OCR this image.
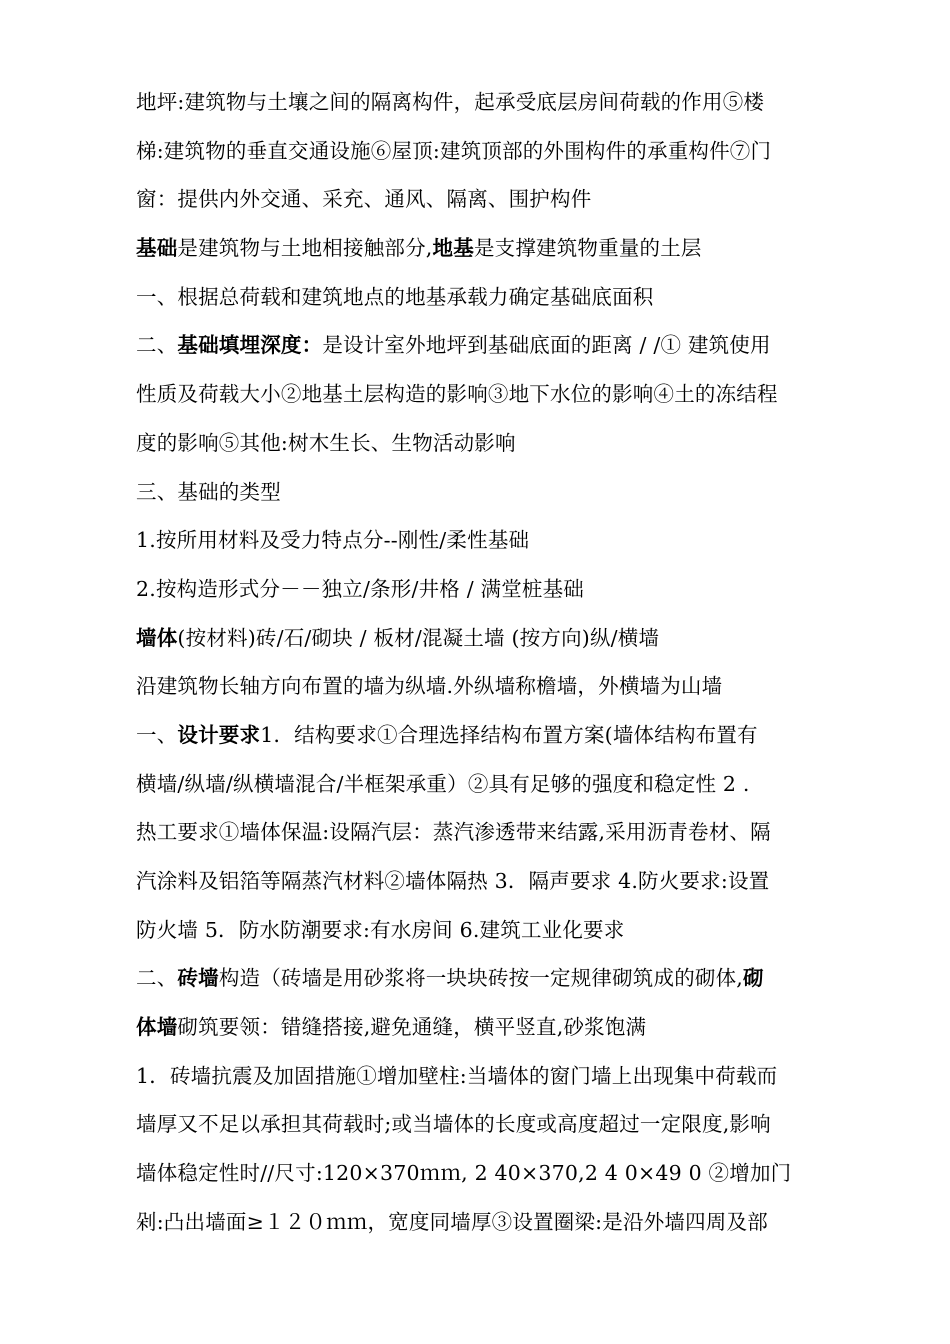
地坪:建筑物与土壤之间的隔离构件，起承受底层房间荷载的作用⑤楼
梯:建筑物的垂直交通设施⑥屋顶:建筑顶部的外围构件的承重构件⑦门
窗：提供内外交通、采充、通风、隔离、围护构件
基础是建筑物与土地相接触部分,地基是支撑建筑物重量的土层
一、根据总荷载和建筑地点的地基承载力确定基础底面积
二、基础填埋深度：是设计室外地坪到基础底面的距离 / /① 建筑使用
性质及荷载大小②地基土层构造的影响③地下水位的影响④土的冻结程
度的影响⑤其他:树木生长、生物活动影响
三、基础的类型
1.按所用材料及受力特点分--刚性/柔性基础
2.按构造形式分－－独立/条形/井格 / 满堂桩基础
墙体(按材料)砖/石/砌块 / 板材/混凝土墙 (按方向)纵/横墙
沿建筑物长轴方向布置的墙为纵墙.外纵墙称檐墙，外横墙为山墙
一、设计要求1．结构要求①合理选择结构布置方案(墙体结构布置有
横墙/纵墙/纵横墙混合/半框架承重）②具有足够的强度和稳定性 2 .
热工要求①墙体保温:设隔汽层：蒸汽渗透带来结露,采用沥青卷材、隔
汽涂料及铝箔等隔蒸汽材料②墙体隔热 3．隔声要求 4.防火要求:设置
防火墙 5．防水防潮要求:有水房间 6.建筑工业化要求
二、砖墙构造（砖墙是用砂浆将一块块砖按一定规律砌筑成的砌体,砌
体墙砌筑要领：错缝搭接,避免通缝，横平竖直,砂浆饱满
1．砖墙抗震及加固措施①增加壁柱:当墙体的窗门墙上出现集中荷载而
墙厚又不足以承担其荷载时;或当墙体的长度或高度超过一定限度,影响
墙体稳定性时//尺寸:120×370ｍｍ, 2 40×370,2 4 0×49 0 ②增加门
剁:凸出墙面≥１２０ｍｍ，宽度同墙厚③设置圈梁:是沿外墙四周及部
